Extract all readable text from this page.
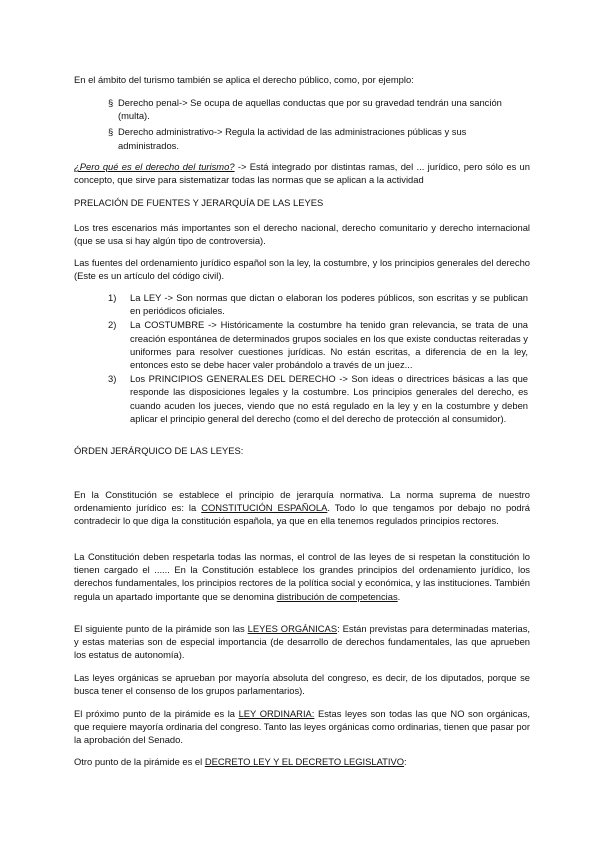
En el ámbito del turismo también se aplica el derecho público, como, por ejemplo:

§ Derecho penal-> Se ocupa de aquellas conductas que por su gravedad tendrán una sanción (multa).
§ Derecho administrativo-> Regula la actividad de las administraciones públicas y sus administrados.

¿Pero qué es el derecho del turismo? -> Está integrado por distintas ramas, del ... jurídico, pero sólo es un concepto, que sirve para sistematizar todas las normas que se aplican a la actividad

PRELACIÓN DE FUENTES Y JERARQUÍA DE LAS LEYES

Los tres escenarios más importantes son el derecho nacional, derecho comunitario y derecho internacional (que se usa si hay algún tipo de controversia).

Las fuentes del ordenamiento jurídico español son la ley, la costumbre, y los principios generales del derecho (Este es un artículo del código civil).

1) La LEY -> Son normas que dictan o elaboran los poderes públicos, son escritas y se publican en periódicos oficiales.
2) La COSTUMBRE -> Históricamente la costumbre ha tenido gran relevancia, se trata de una creación espontánea de determinados grupos sociales en los que existe conductas reiteradas y uniformes para resolver cuestiones jurídicas. No están escritas, a diferencia de en la ley, entonces esto se debe hacer valer probándolo a través de un juez...
3) Los PRINCIPIOS GENERALES DEL DERECHO -> Son ideas o directrices básicas a las que responde las disposiciones legales y la costumbre. Los principios generales del derecho, es cuando acuden los jueces, viendo que no está regulado en la ley y en la costumbre y deben aplicar el principio general del derecho (como el del derecho de protección al consumidor).

ÓRDEN JERÁRQUICO DE LAS LEYES:

En la Constitución se establece el principio de jerarquía normativa. La norma suprema de nuestro ordenamiento jurídico es: la CONSTITUCIÓN ESPAÑOLA. Todo lo que tengamos por debajo no podrá contradecir lo que diga la constitución española, ya que en ella tenemos regulados principios rectores.

La Constitución deben respetarla todas las normas, el control de las leyes de si respetan la constitución lo tienen cargado el ...... En la Constitución establece los grandes principios del ordenamiento jurídico, los derechos fundamentales, los principios rectores de la política social y económica, y las instituciones. También regula un apartado importante que se denomina distribución de competencias.

El siguiente punto de la pirámide son las LEYES ORGÁNICAS: Están previstas para determinadas materias, y estas materias son de especial importancia (de desarrollo de derechos fundamentales, las que aprueben los estatus de autonomía).

Las leyes orgánicas se aprueban por mayoría absoluta del congreso, es decir, de los diputados, porque se busca tener el consenso de los grupos parlamentarios).

El próximo punto de la pirámide es la LEY ORDINARIA: Estas leyes son todas las que NO son orgánicas, que requiere mayoría ordinaria del congreso. Tanto las leyes orgánicas como ordinarias, tienen que pasar por la aprobación del Senado.

Otro punto de la pirámide es el DECRETO LEY Y EL DECRETO LEGISLATIVO:
